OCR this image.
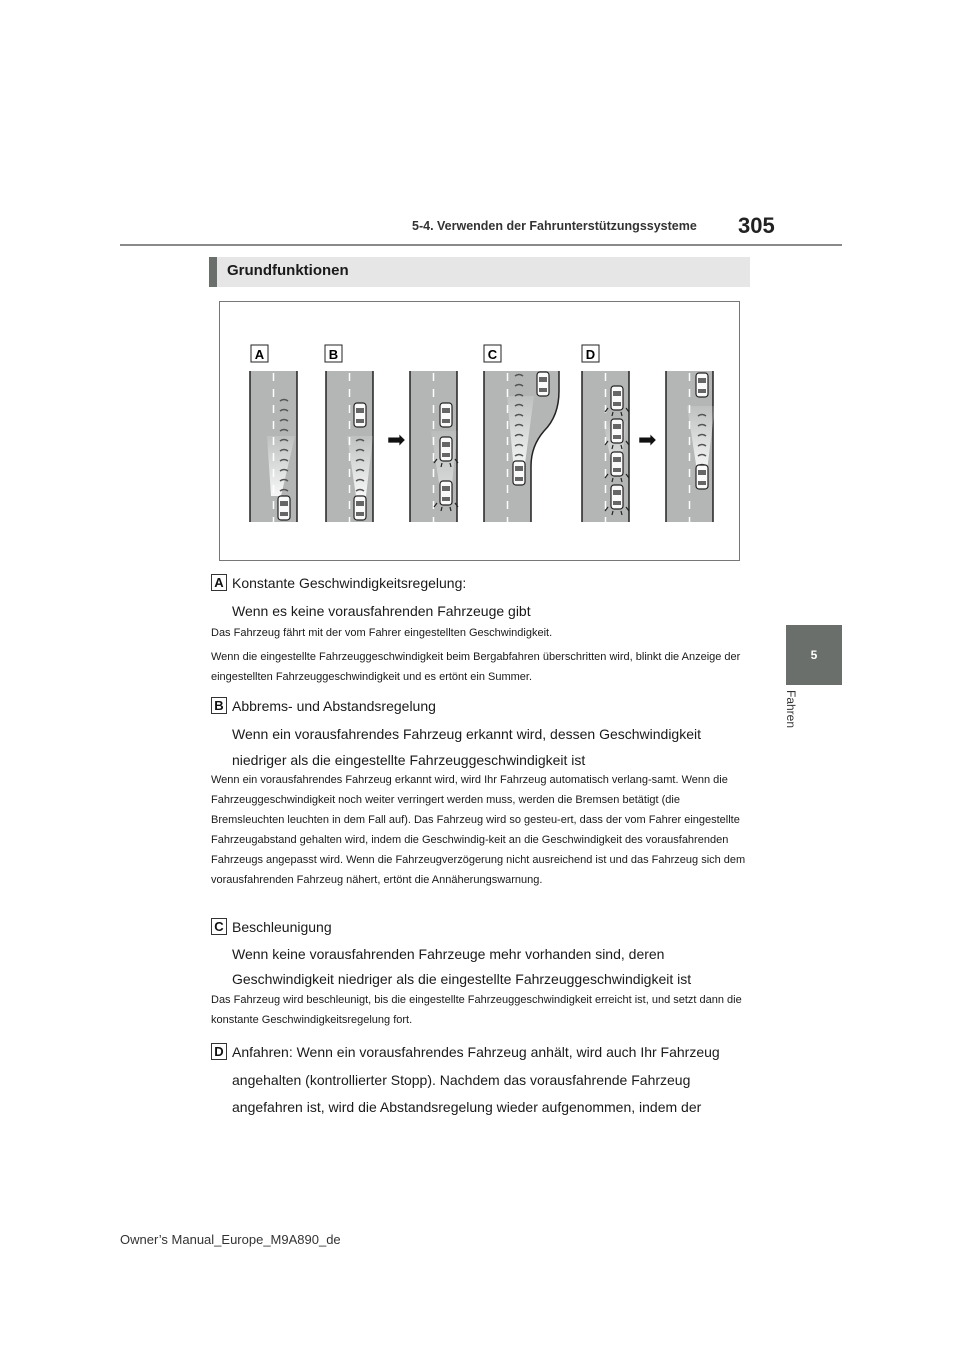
5-4. Verwenden der Fahrunterstützungssysteme 305
5
Fahren
Grundfunktionen
A	B	C	D
➡	➡
A Konstante Geschwindigkeitsregelung:
Wenn es keine vorausfahrenden Fahrzeuge gibt
Das Fahrzeug fährt mit der vom Fahrer eingestellten Geschwindigkeit.
Wenn die eingestellte Fahrzeuggeschwindigkeit beim Bergabfahren überschritten wird, blinkt die Anzeige der eingestellten Fahrzeuggeschwindigkeit und es ertönt ein Summer.
B Abbrems- und Abstandsregelung
Wenn ein vorausfahrendes Fahrzeug erkannt wird, dessen Geschwindigkeit
niedriger als die eingestellte Fahrzeuggeschwindigkeit ist
Wenn ein vorausfahrendes Fahrzeug erkannt wird, wird Ihr Fahrzeug automatisch verlang-samt. Wenn die Fahrzeuggeschwindigkeit noch weiter verringert werden muss, werden die Bremsen betätigt (die Bremsleuchten leuchten in dem Fall auf). Das Fahrzeug wird so gesteu-ert, dass der vom Fahrer eingestellte Fahrzeugabstand gehalten wird, indem die Geschwindig-keit an die Geschwindigkeit des vorausfahrenden Fahrzeugs angepasst wird. Wenn die Fahrzeugverzögerung nicht ausreichend ist und das Fahrzeug sich dem vorausfahrenden Fahrzeug nähert, ertönt die Annäherungswarnung.
C Beschleunigung
Wenn keine vorausfahrenden Fahrzeuge mehr vorhanden sind, deren
Geschwindigkeit niedriger als die eingestellte Fahrzeuggeschwindigkeit ist
Das Fahrzeug wird beschleunigt, bis die eingestellte Fahrzeuggeschwindigkeit erreicht ist, und setzt dann die konstante Geschwindigkeitsregelung fort.
D Anfahren: Wenn ein vorausfahrendes Fahrzeug anhält, wird auch Ihr Fahrzeug
angehalten (kontrollierter Stopp). Nachdem das vorausfahrende Fahrzeug
angefahren ist, wird die Abstandsregelung wieder aufgenommen, indem der
Owner’s Manual_Europe_M9A890_de
